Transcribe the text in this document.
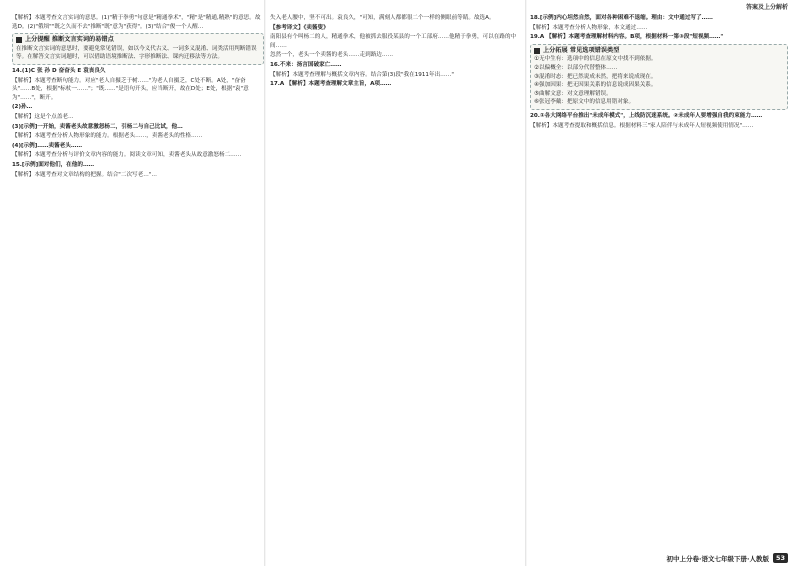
答案及上分解析

【解析】本题考查文言实词的意思。(1)"精于拳勇"句意是"精通拳术"，"精"是"精通,精熟"的意思。故选D。(2)"俄顷""既之久而不去"推断"既"意为"获得"。(3)"结合"俊一个人醒…

上分提醒 推断文言实词的易错点
在推断文言实词的意思时，要避免常见错误，如以今义代古义、一词多义混淆、词类活用判断错误等。在解答文言实词题时，可以借助语境推断法、字形推断法、课内迁移法等方法。

14.(1)C 张 孙 D 奋奋头 E 袁丧良久

【解析】本题考查断句能力。对应"老人自摄乏于树……"为老人自摄乏，C处不断。A处，"奋奋头"……B处，根据"标杖一……"；"既……"是语句开头，应当断开，故在D处；E处，根据"袁"意为"……"，断开。

(2)孙…

【解析】这是个点盖老…

(3)[示例]一开始，卖酱老头故意激怒杨二，引杨二与自己比试，他…

【解析】本题考查分析人物形象的能力。根据老头……，卖酱老头的性格……

(4)[示例]……卖酱老头……

【解析】本题考查分析与评价文章内容的能力。阅读文章可知，卖酱老头从故意激怒杨二……

15.[示例]面对他们，在他的……

【解析】本题考查对文章结构的把握。结合"二次写老…"…

失入老人腰中，坚不可出。袁良久，"可知，满刻人都都很二个一样的侧眼前等睛。故选A。

【参考译文】《卖酱叟》

南阳县有个叫杨二的人，精通拳术，他被抓去服役某县的一个工部府……他精于拳勇，可以在路的中间……

忽然一个，老头一个卖酱的老头……走到路边……

16.不来：扬言国破家亡……

【解析】本题考查理解与概括文章内容。结合第(3)段"我在1911年出……"

17.A 【解析】本题考查理解文章主旨，A项……

18.[示例]内心坦然自然，面对各种困难不退缩。理由：文中通过写了……

【解析】本题考查分析人物形象，本文通过……

19.A 【解析】本题考查理解材料内容。B项，根据材料一第③段"短视频……"

上分拓展 常见选项错误类型
①无中生有：选项中的信息在原文中找不到依据。
②以偏概全：以部分代替整体……
③混淆时态：把已然说成未然，把将来说成现在。
④强加因果：把无因果关系的信息说成因果关系。
⑤曲解文意：对文意理解错误。
⑥张冠李戴：把原文中的信息用错对象。

20.①各大网络平台推出"未成年模式"，上线防沉迷系统。②未成年人要增强自我约束能力……

【解析】本题考查提取和概括信息。根据材料三"家人陪伴与未成年人短视频使用情况"……

初中上分卷·语文七年级下册·人教版	53
